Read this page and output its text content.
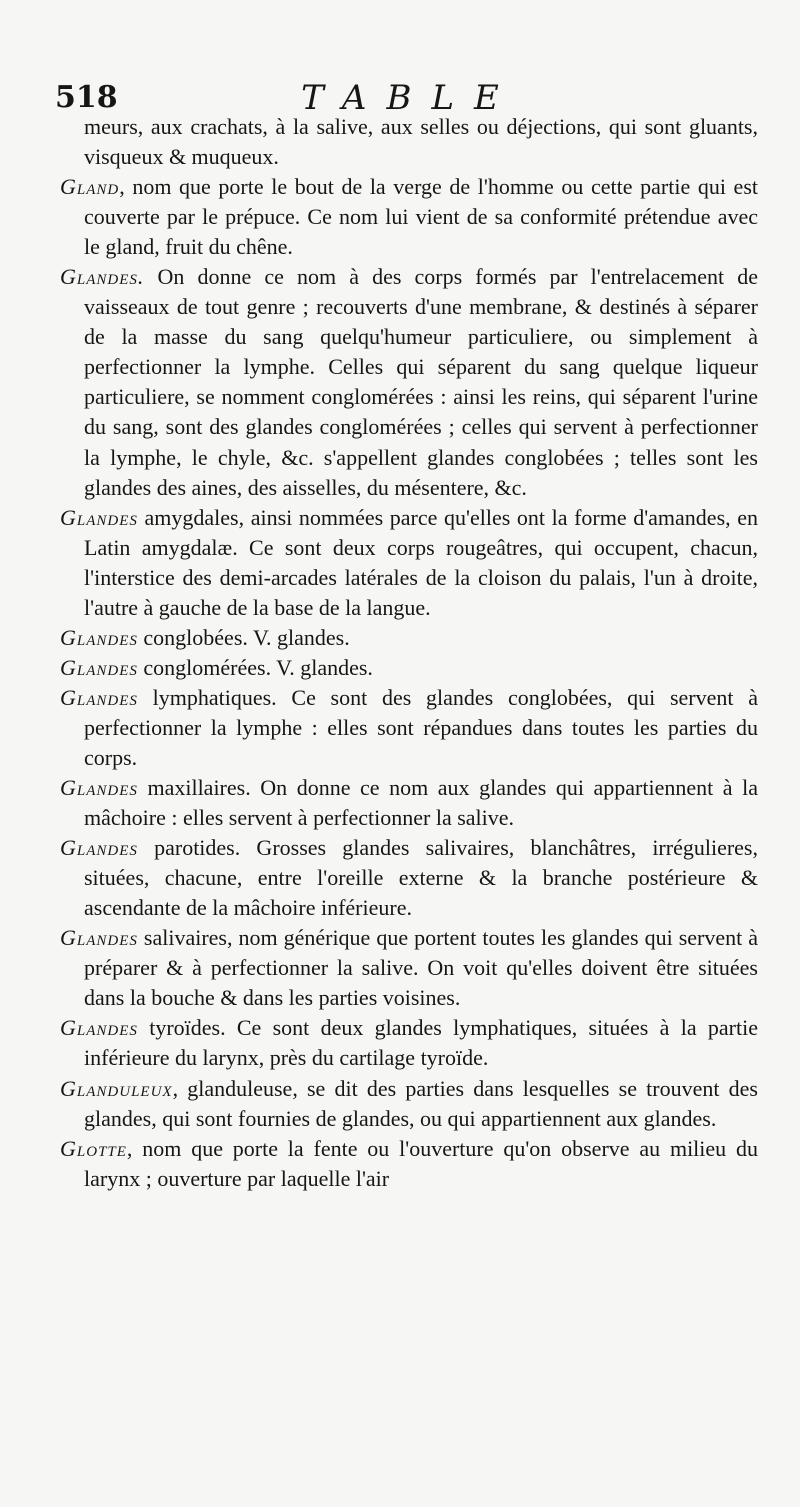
518	TABLE

meurs, aux crachats, à la salive, aux selles ou déjections, qui sont gluants, visqueux & muqueux.

Gland, nom que porte le bout de la verge de l'homme ou cette partie qui est couverte par le prépuce. Ce nom lui vient de sa conformité prétendue avec le gland, fruit du chêne.

Glandes. On donne ce nom à des corps formés par l'entrelacement de vaisseaux de tout genre ; recouverts d'une membrane, & destinés à séparer de la masse du sang quelqu'humeur particuliere, ou simplement à perfectionner la lymphe. Celles qui séparent du sang quelque liqueur particuliere, se nomment conglomérées : ainsi les reins, qui séparent l'urine du sang, sont des glandes conglomérées ; celles qui servent à perfectionner la lymphe, le chyle, &c. s'appellent glandes conglobées ; telles sont les glandes des aines, des aisselles, du mésentere, &c.

Glandes amygdales, ainsi nommées parce qu'elles ont la forme d'amandes, en Latin amygdalæ. Ce sont deux corps rougeâtres, qui occupent, chacun, l'interstice des demi-arcades latérales de la cloison du palais, l'un à droite, l'autre à gauche de la base de la langue.

Glandes conglobées. V. glandes.

Glandes conglomérées. V. glandes.

Glandes lymphatiques. Ce sont des glandes conglobées, qui servent à perfectionner la lymphe : elles sont répandues dans toutes les parties du corps.

Glandes maxillaires. On donne ce nom aux glandes qui appartiennent à la mâchoire : elles servent à perfectionner la salive.

Glandes parotides. Grosses glandes salivaires, blanchâtres, irrégulieres, situées, chacune, entre l'oreille externe & la branche postérieure & ascendante de la mâchoire inférieure.

Glandes salivaires, nom générique que portent toutes les glandes qui servent à préparer & à perfectionner la salive. On voit qu'elles doivent être situées dans la bouche & dans les parties voisines.

Glandes tyroïdes. Ce sont deux glandes lymphatiques, situées à la partie inférieure du larynx, près du cartilage tyroïde.

Glanduleux, glanduleuse, se dit des parties dans lesquelles se trouvent des glandes, qui sont fournies de glandes, ou qui appartiennent aux glandes.

Glotte, nom que porte la fente ou l'ouverture qu'on observe au milieu du larynx ; ouverture par laquelle l'air
